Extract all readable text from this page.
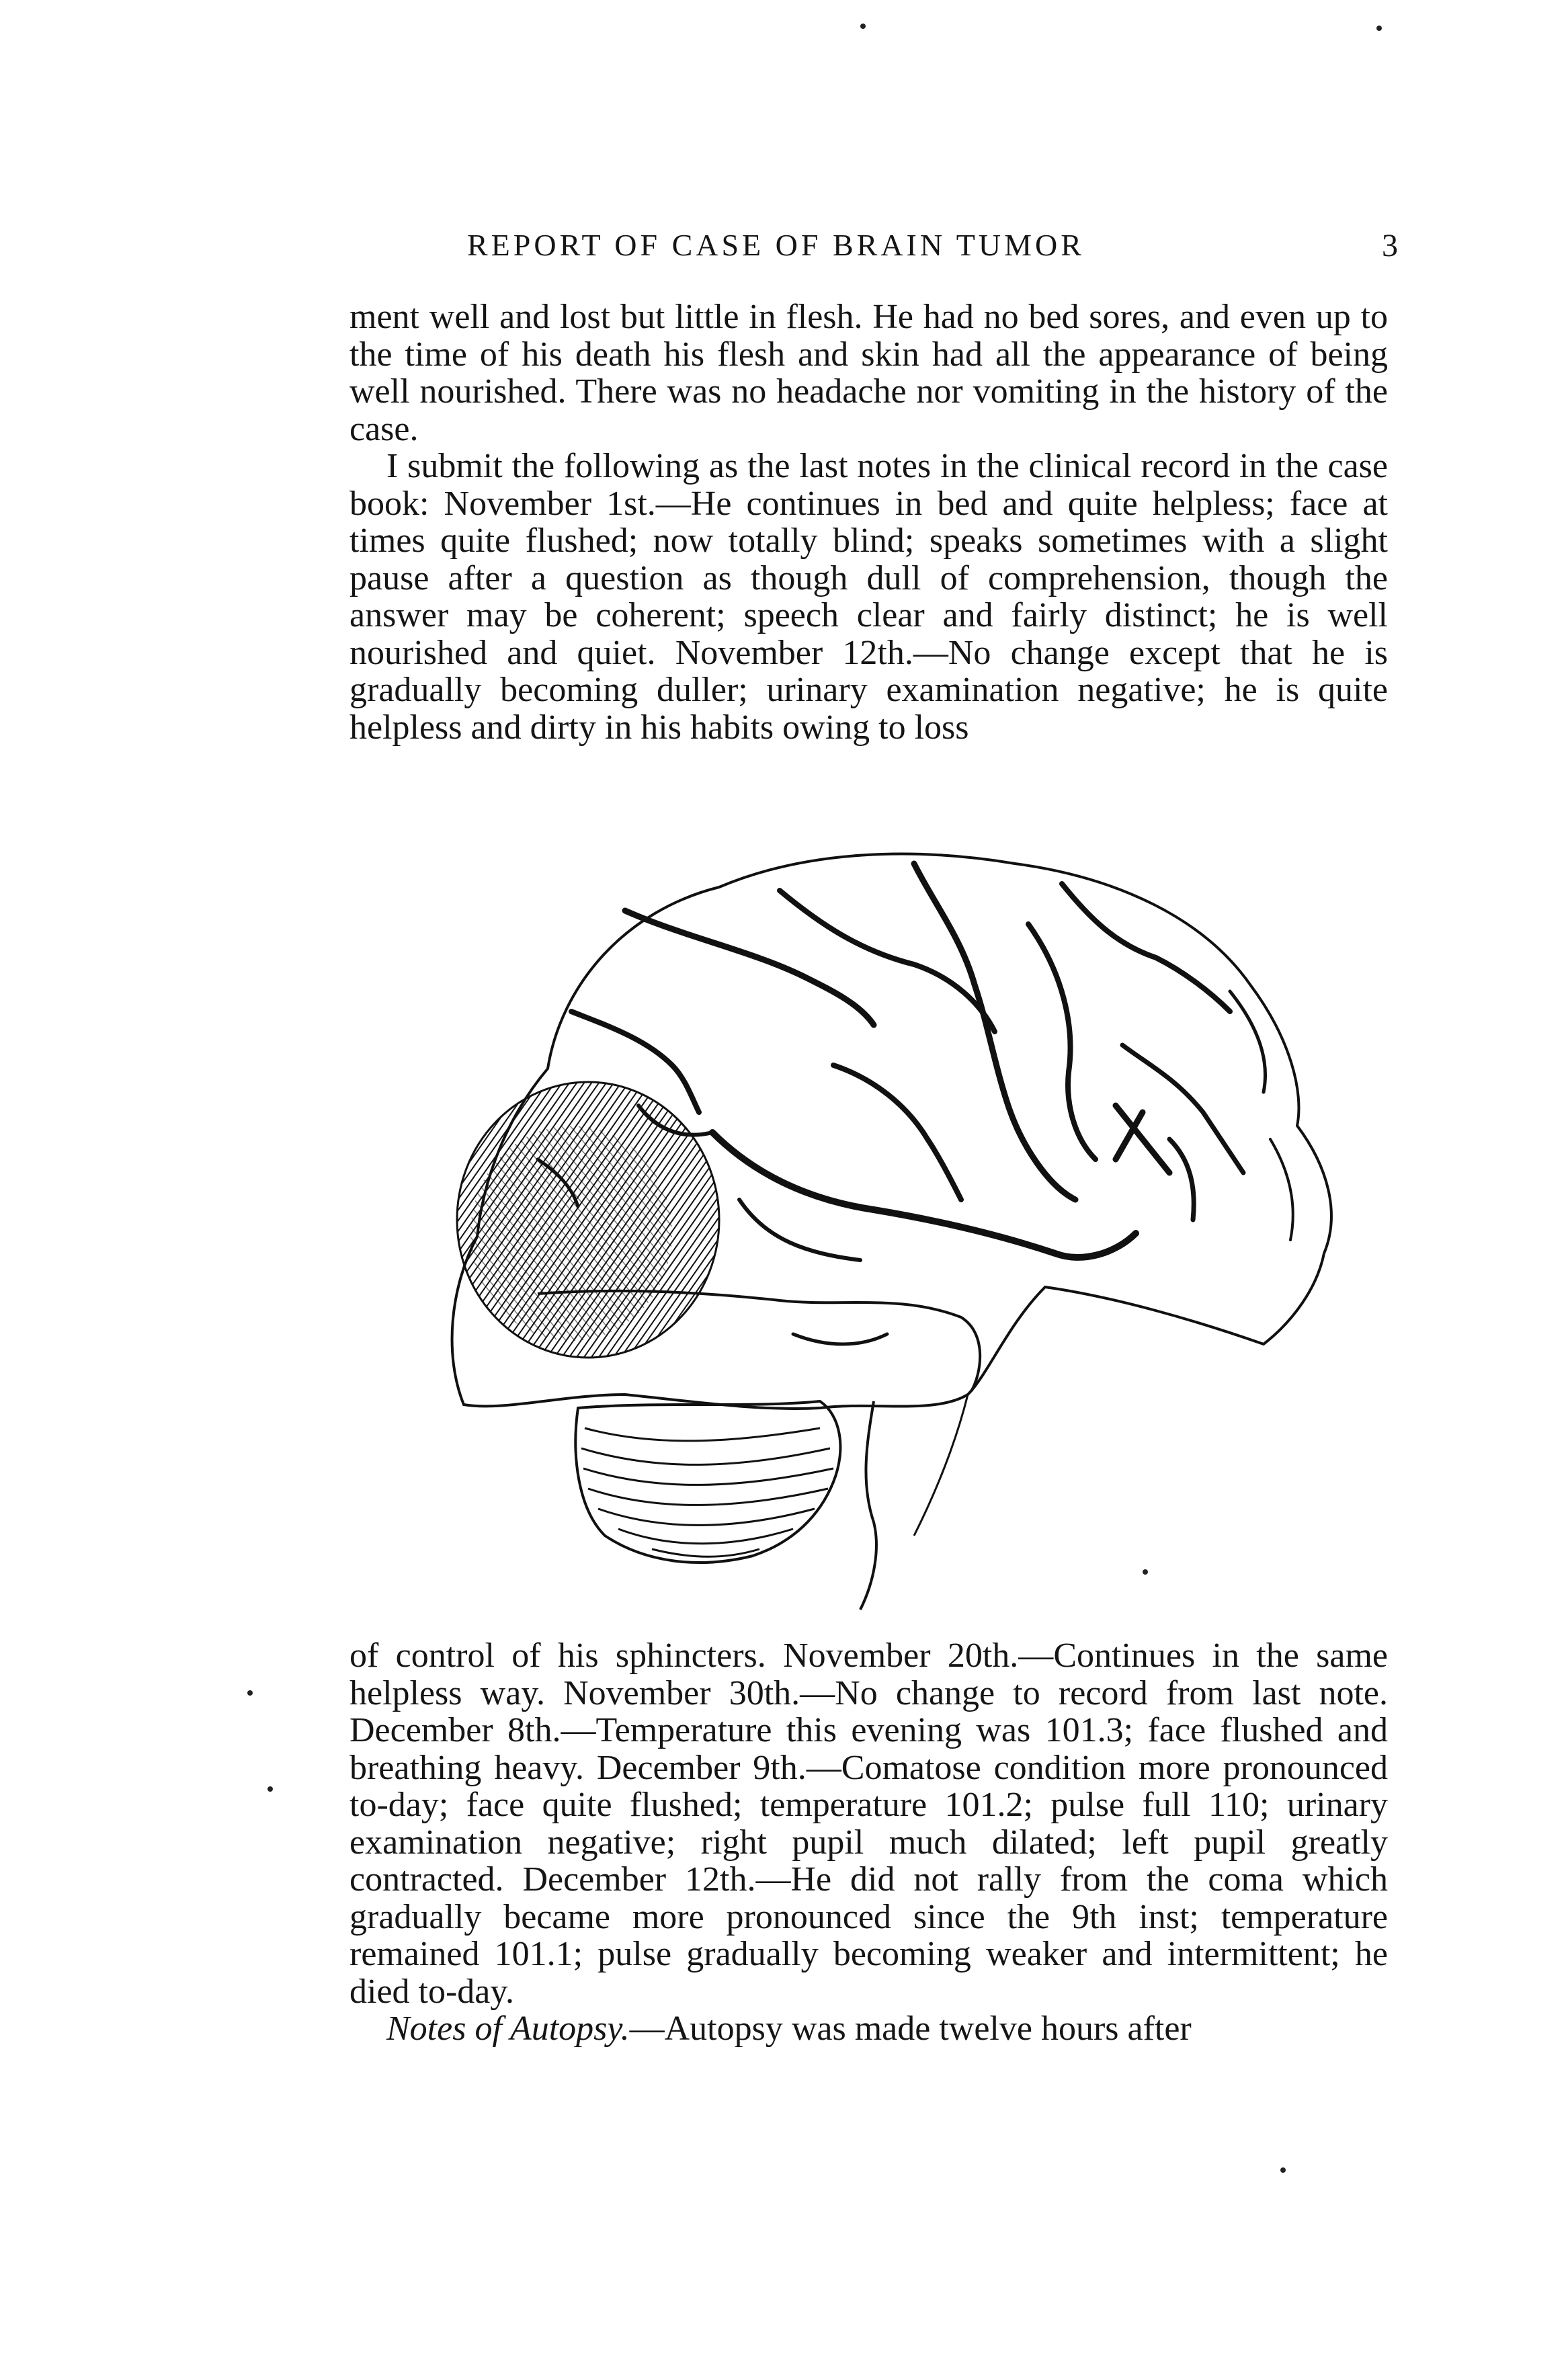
REPORT OF CASE OF BRAIN TUMOR	3

ment well and lost but little in flesh. He had no bed sores, and even up to the time of his death his flesh and skin had all the appearance of being well nourished. There was no headache nor vomiting in the history of the case.

I submit the following as the last notes in the clinical record in the case book: November 1st.—He continues in bed and quite helpless; face at times quite flushed; now totally blind; speaks sometimes with a slight pause after a question as though dull of comprehension, though the answer may be coherent; speech clear and fairly distinct; he is well nourished and quiet. November 12th.—No change except that he is gradually becoming duller; urinary examination negative; he is quite helpless and dirty in his habits owing to loss

of control of his sphincters. November 20th.—Continues in the same helpless way. November 30th.—No change to record from last note. December 8th.—Temperature this evening was 101.3; face flushed and breathing heavy. December 9th.—Comatose condition more pronounced to-day; face quite flushed; temperature 101.2; pulse full 110; urinary examination negative; right pupil much dilated; left pupil greatly contracted. December 12th.—He did not rally from the coma which gradually became more pronounced since the 9th inst; temperature remained 101.1; pulse gradually becoming weaker and intermittent; he died to-day.

Notes of Autopsy.—Autopsy was made twelve hours after
